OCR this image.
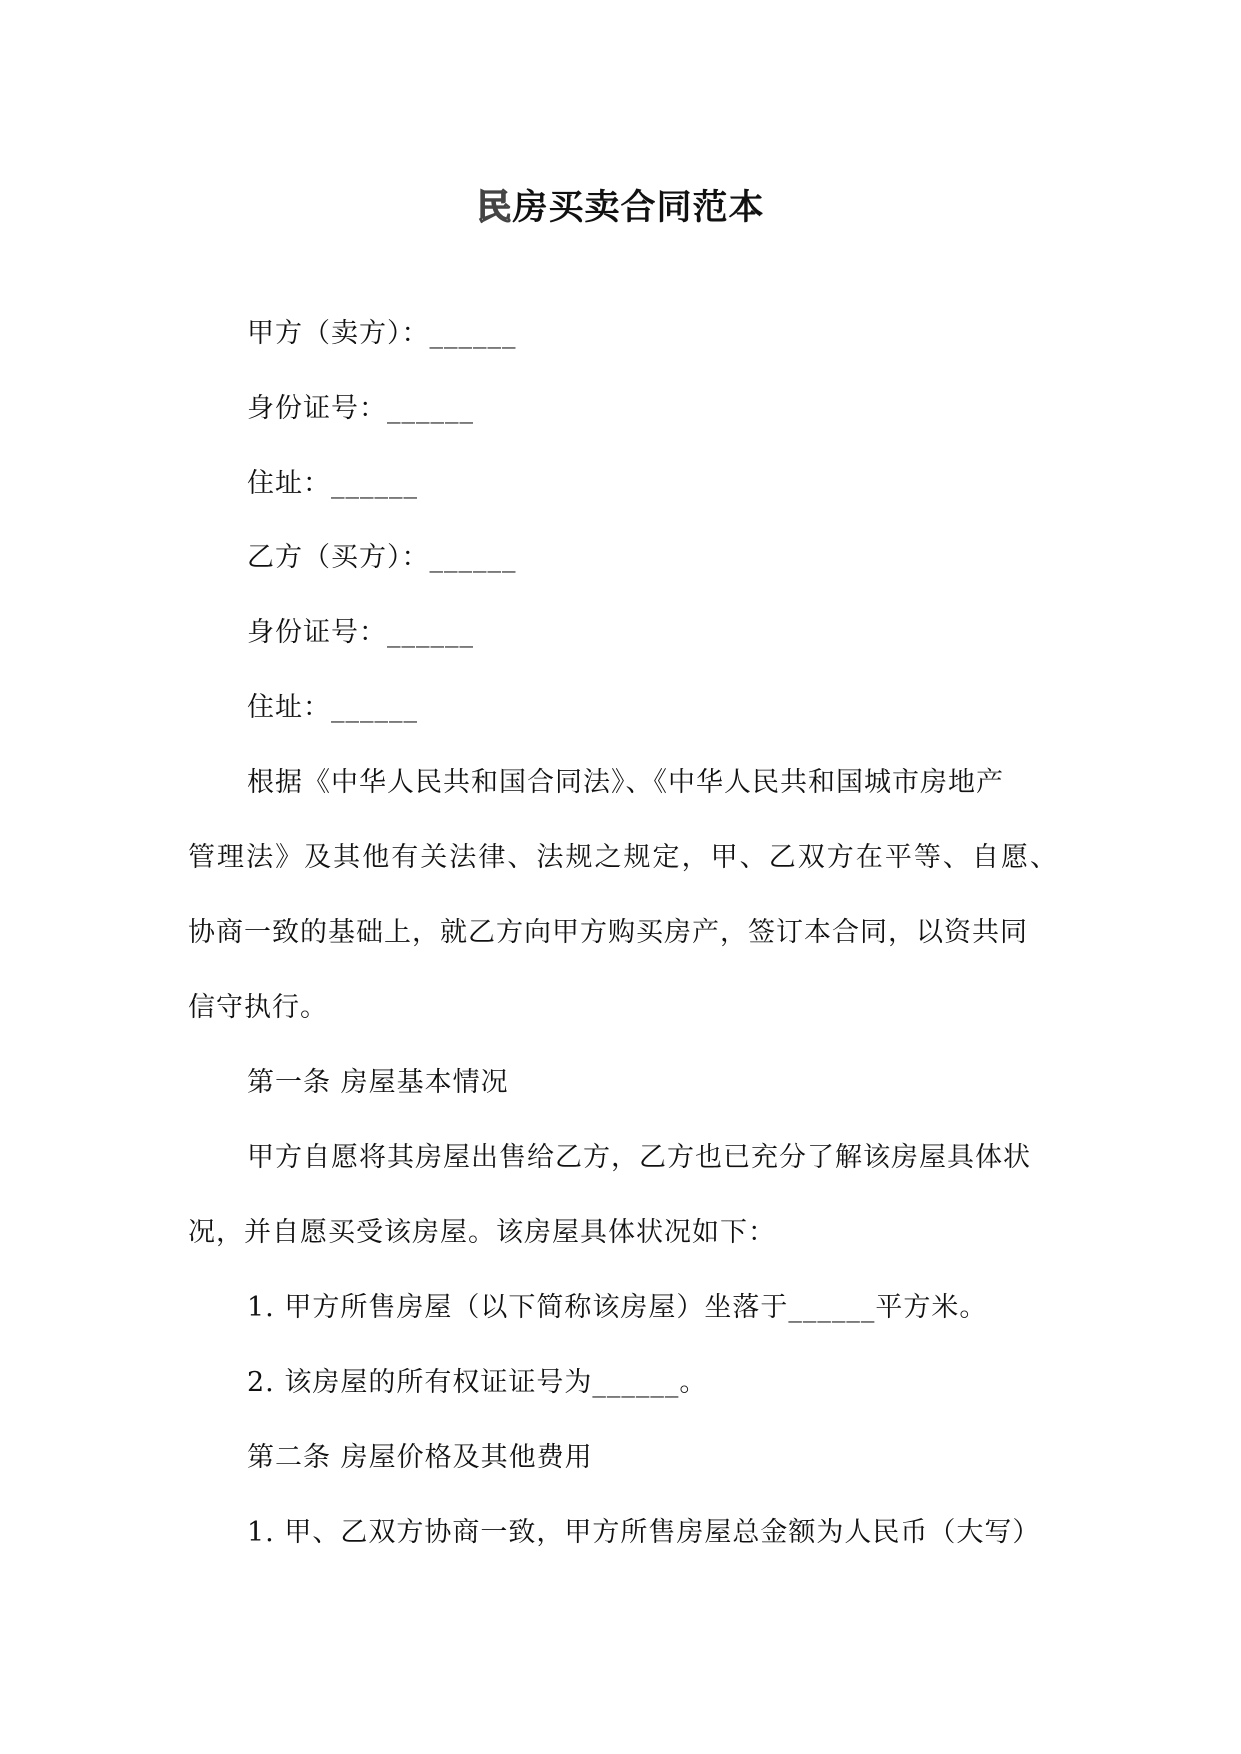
民房买卖合同范本
甲方（卖方）：______
身份证号：______
住址：______
乙方（买方）：______
身份证号：______
住址：______
根据《中华人民共和国合同法》、《中华人民共和国城市房地产
管理法》及其他有关法律、法规之规定，甲、乙双方在平等、自愿、
协商一致的基础上，就乙方向甲方购买房产，签订本合同，以资共同
信守执行。
第一条 房屋基本情况
甲方自愿将其房屋出售给乙方，乙方也已充分了解该房屋具体状
况，并自愿买受该房屋。该房屋具体状况如下：
1. 甲方所售房屋（以下简称该房屋）坐落于______平方米。
2. 该房屋的所有权证证号为______。
第二条 房屋价格及其他费用
1. 甲、乙双方协商一致，甲方所售房屋总金额为人民币（大写）
